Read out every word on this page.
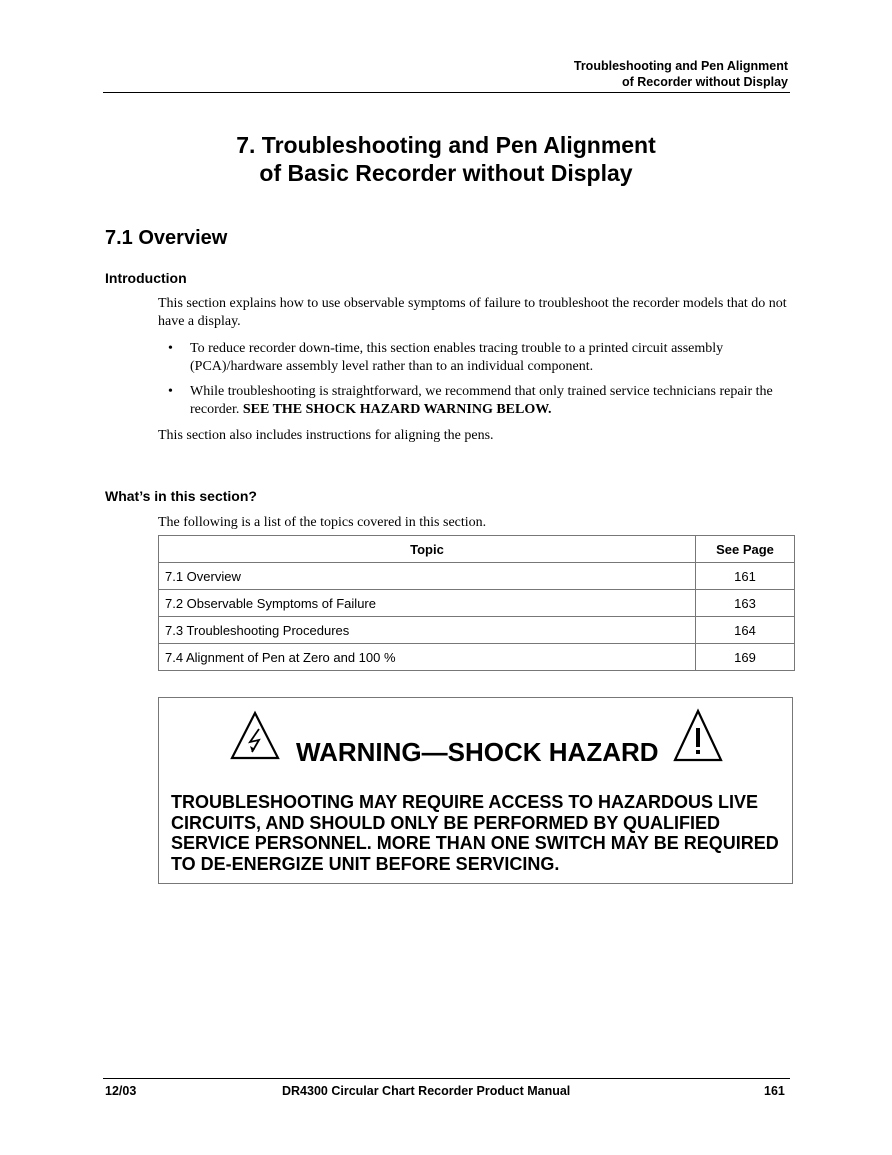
Troubleshooting and Pen Alignment
of Recorder without Display
7. Troubleshooting and Pen Alignment
of Basic Recorder without Display
7.1 Overview
Introduction
This section explains how to use observable symptoms of failure to troubleshoot the recorder models that do not have a display.
• To reduce recorder down-time, this section enables tracing trouble to a printed circuit assembly (PCA)/hardware assembly level rather than to an individual component.
• While troubleshooting is straightforward, we recommend that only trained service technicians repair the recorder. SEE THE SHOCK HAZARD WARNING BELOW.
This section also includes instructions for aligning the pens.
What’s in this section?
The following is a list of the topics covered in this section.
Topic	See Page
7.1 Overview	161
7.2 Observable Symptoms of Failure	163
7.3 Troubleshooting Procedures	164
7.4 Alignment of Pen at Zero and 100 %	169
WARNING—SHOCK HAZARD
TROUBLESHOOTING MAY REQUIRE ACCESS TO HAZARDOUS LIVE CIRCUITS, AND SHOULD ONLY BE PERFORMED BY QUALIFIED SERVICE PERSONNEL. MORE THAN ONE SWITCH MAY BE REQUIRED TO DE-ENERGIZE UNIT BEFORE SERVICING.
12/03	DR4300 Circular Chart Recorder Product Manual	161
